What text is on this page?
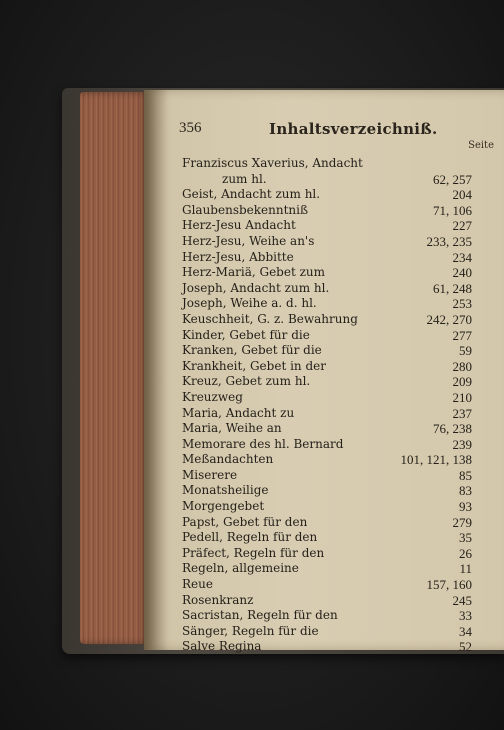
356	Inhaltsverzeichniß.
Seite
Franziscus Xaverius, Andacht
zum hl.	62, 257
Geist, Andacht zum hl.	204
Glaubensbekenntniß	71, 106
Herz-Jesu Andacht	227
Herz-Jesu, Weihe an's	233, 235
Herz-Jesu, Abbitte	234
Herz-Mariä, Gebet zum	240
Joseph, Andacht zum hl.	61, 248
Joseph, Weihe a. d. hl.	253
Keuschheit, G. z. Bewahrung	242, 270
Kinder, Gebet für die	277
Kranken, Gebet für die	59
Krankheit, Gebet in der	280
Kreuz, Gebet zum hl.	209
Kreuzweg	210
Maria, Andacht zu	237
Maria, Weihe an	76, 238
Memorare des hl. Bernard	239
Meßandachten	101, 121, 138
Miserere	85
Monatsheilige	83
Morgengebet	93
Papst, Gebet für den	279
Pedell, Regeln für den	35
Präfect, Regeln für den	26
Regeln, allgemeine	11
Reue	157, 160
Rosenkranz	245
Sacristan, Regeln für den	33
Sänger, Regeln für die	34
Salve Regina	52
